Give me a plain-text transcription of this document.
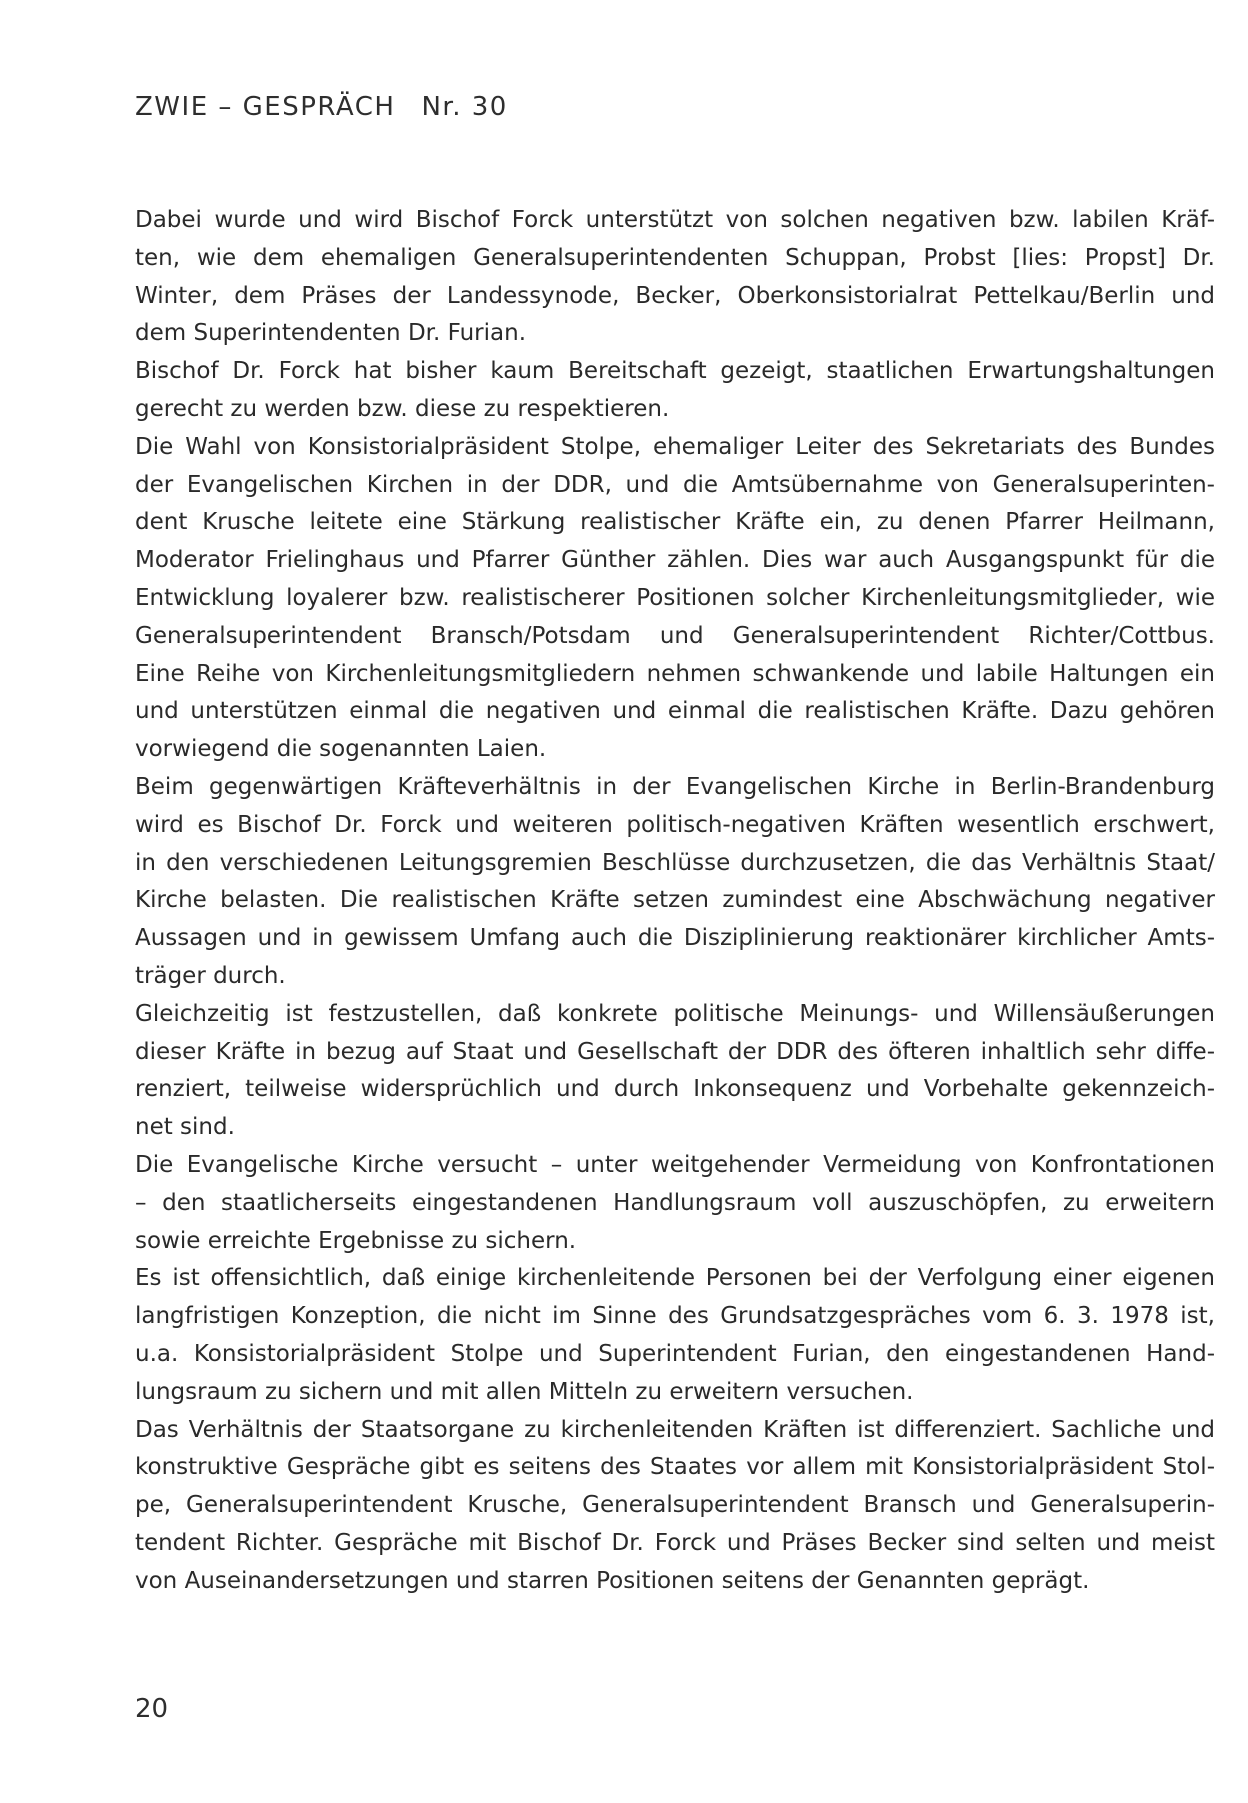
ZWIE – GESPRÄCH Nr. 30
Dabei wurde und wird Bischof Forck unterstützt von solchen negativen bzw. labilen Kräf-
ten, wie dem ehemaligen Generalsuperintendenten Schuppan, Probst [lies: Propst] Dr.
Winter, dem Präses der Landessynode, Becker, Oberkonsistorialrat Pettelkau/Berlin und
dem Superintendenten Dr. Furian.
Bischof Dr. Forck hat bisher kaum Bereitschaft gezeigt, staatlichen Erwartungshaltungen
gerecht zu werden bzw. diese zu respektieren.
Die Wahl von Konsistorialpräsident Stolpe, ehemaliger Leiter des Sekretariats des Bundes
der Evangelischen Kirchen in der DDR, und die Amtsübernahme von Generalsuperinten-
dent Krusche leitete eine Stärkung realistischer Kräfte ein, zu denen Pfarrer Heilmann,
Moderator Frielinghaus und Pfarrer Günther zählen. Dies war auch Ausgangspunkt für die
Entwicklung loyalerer bzw. realistischerer Positionen solcher Kirchenleitungsmitglieder, wie
Generalsuperintendent Bransch/Potsdam und Generalsuperintendent Richter/Cottbus.
Eine Reihe von Kirchenleitungsmitgliedern nehmen schwankende und labile Haltungen ein
und unterstützen einmal die negativen und einmal die realistischen Kräfte. Dazu gehören
vorwiegend die sogenannten Laien.
Beim gegenwärtigen Kräfteverhältnis in der Evangelischen Kirche in Berlin-Brandenburg
wird es Bischof Dr. Forck und weiteren politisch-negativen Kräften wesentlich erschwert,
in den verschiedenen Leitungsgremien Beschlüsse durchzusetzen, die das Verhältnis Staat/
Kirche belasten. Die realistischen Kräfte setzen zumindest eine Abschwächung negativer
Aussagen und in gewissem Umfang auch die Disziplinierung reaktionärer kirchlicher Amts-
träger durch.
Gleichzeitig ist festzustellen, daß konkrete politische Meinungs- und Willensäußerungen
dieser Kräfte in bezug auf Staat und Gesellschaft der DDR des öfteren inhaltlich sehr diffe-
renziert, teilweise widersprüchlich und durch Inkonsequenz und Vorbehalte gekennzeich-
net sind.
Die Evangelische Kirche versucht – unter weitgehender Vermeidung von Konfrontationen
– den staatlicherseits eingestandenen Handlungsraum voll auszuschöpfen, zu erweitern
sowie erreichte Ergebnisse zu sichern.
Es ist offensichtlich, daß einige kirchenleitende Personen bei der Verfolgung einer eigenen
langfristigen Konzeption, die nicht im Sinne des Grundsatzgespräches vom 6. 3. 1978 ist,
u.a. Konsistorialpräsident Stolpe und Superintendent Furian, den eingestandenen Hand-
lungsraum zu sichern und mit allen Mitteln zu erweitern versuchen.
Das Verhältnis der Staatsorgane zu kirchenleitenden Kräften ist differenziert. Sachliche und
konstruktive Gespräche gibt es seitens des Staates vor allem mit Konsistorialpräsident Stol-
pe, Generalsuperintendent Krusche, Generalsuperintendent Bransch und Generalsuperin-
tendent Richter. Gespräche mit Bischof Dr. Forck und Präses Becker sind selten und meist
von Auseinandersetzungen und starren Positionen seitens der Genannten geprägt.
20
